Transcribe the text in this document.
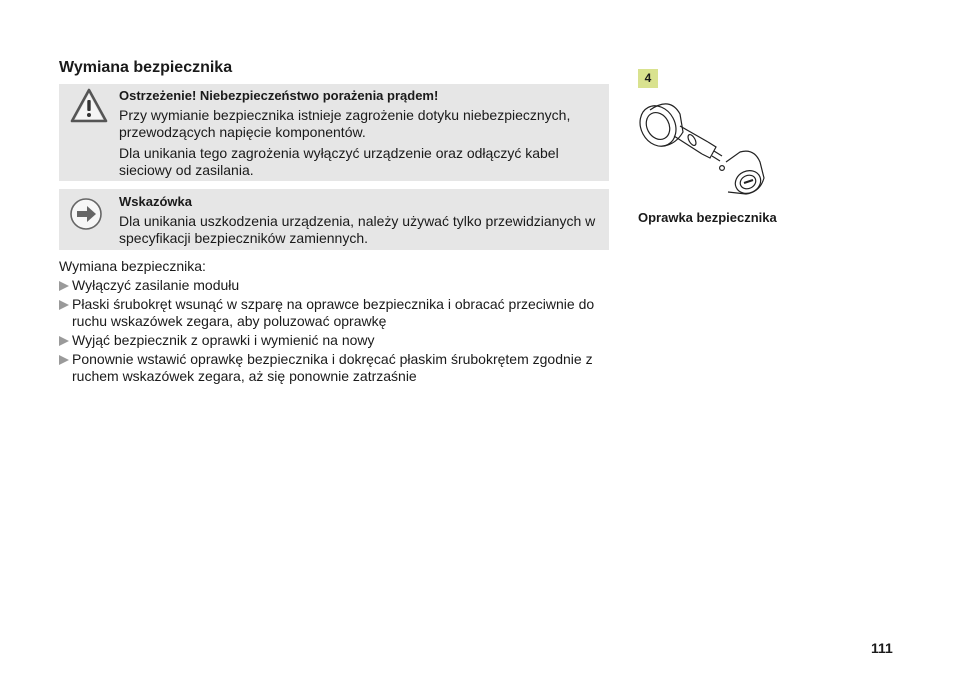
Wymiana bezpiecznika
Ostrzeżenie! Niebezpieczeństwo porażenia prądem!

Przy wymianie bezpiecznika istnieje zagrożenie dotyku niebezpiecznych, przewodzących napięcie komponentów.

Dla unikania tego zagrożenia wyłączyć urządzenie oraz odłączyć kabel sieciowy od zasilania.

Wskazówka

Dla unikania uszkodzenia urządzenia, należy używać tylko przewidzianych w specyfikacji bezpieczników zamiennych.

Wymiana bezpiecznika:
Wyłączyć zasilanie modułu
Płaski śrubokręt wsunąć w szparę na oprawce bezpiecznika i obracać przeciwnie do ruchu wskazówek zegara, aby poluzować oprawkę
Wyjąć bezpiecznik z oprawki i wymienić na nowy
Ponownie wstawić oprawkę bezpiecznika i dokręcać płaskim śrubokrętem zgodnie z ruchem wskazówek zegara, aż się ponownie zatrzaśnie
4
Oprawka bezpiecznika
111
